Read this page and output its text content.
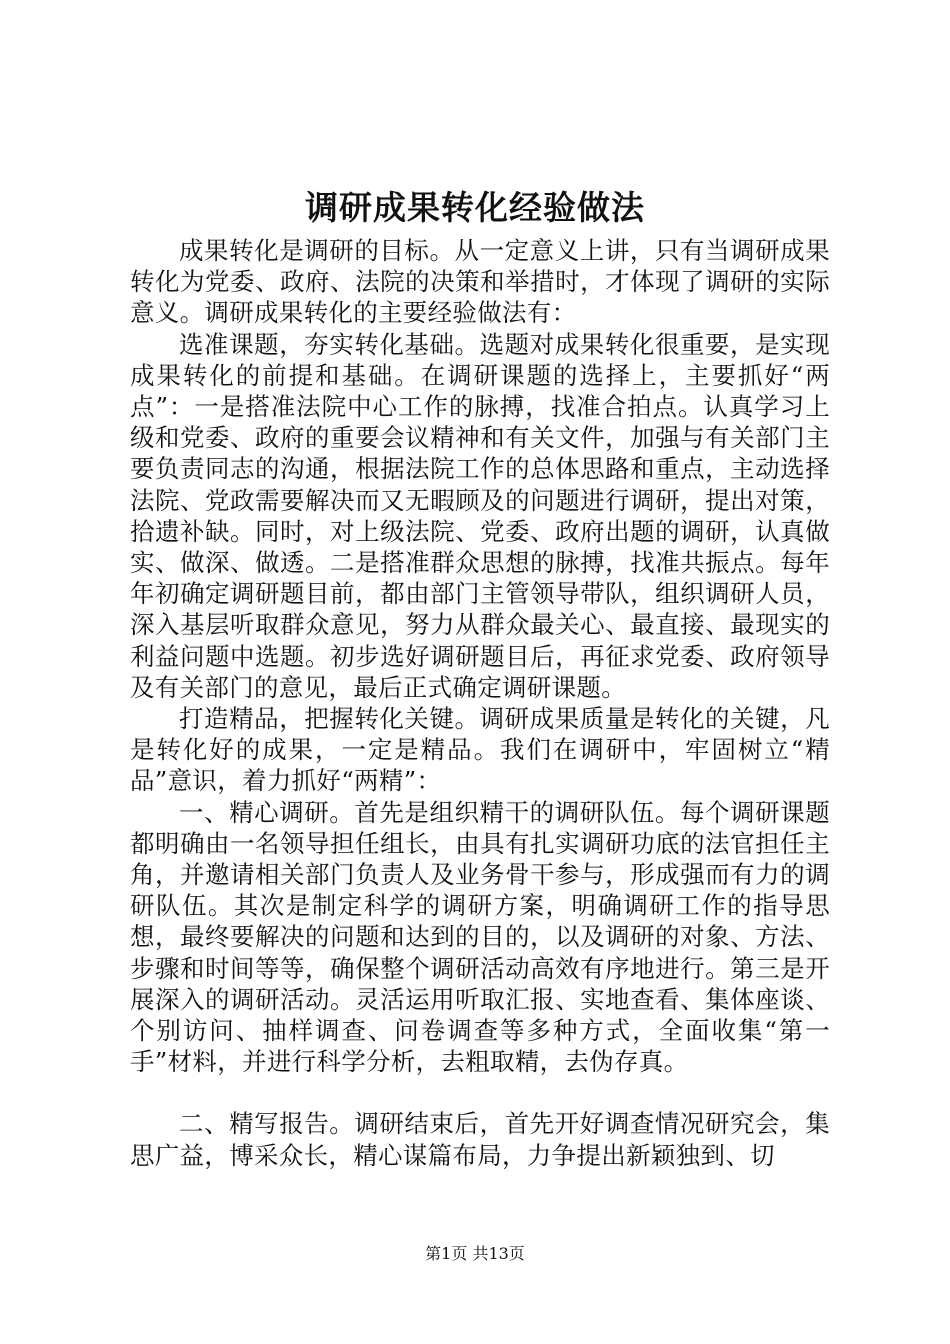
调研成果转化经验做法

成果转化是调研的目标。从一定意义上讲，只有当调研成果转化为党委、政府、法院的决策和举措时，才体现了调研的实际意义。调研成果转化的主要经验做法有：

选准课题，夯实转化基础。选题对成果转化很重要，是实现成果转化的前提和基础。在调研课题的选择上，主要抓好“两点”：一是搭准法院中心工作的脉搏，找准合拍点。认真学习上级和党委、政府的重要会议精神和有关文件，加强与有关部门主要负责同志的沟通，根据法院工作的总体思路和重点，主动选择法院、党政需要解决而又无暇顾及的问题进行调研，提出对策，拾遗补缺。同时，对上级法院、党委、政府出题的调研，认真做实、做深、做透。二是搭准群众思想的脉搏，找准共振点。每年年初确定调研题目前，都由部门主管领导带队，组织调研人员，深入基层听取群众意见，努力从群众最关心、最直接、最现实的利益问题中选题。初步选好调研题目后，再征求党委、政府领导及有关部门的意见，最后正式确定调研课题。

打造精品，把握转化关键。调研成果质量是转化的关键，凡是转化好的成果，一定是精品。我们在调研中，牢固树立“精品”意识，着力抓好“两精”：

一、精心调研。首先是组织精干的调研队伍。每个调研课题都明确由一名领导担任组长，由具有扎实调研功底的法官担任主角，并邀请相关部门负责人及业务骨干参与，形成强而有力的调研队伍。其次是制定科学的调研方案，明确调研工作的指导思想，最终要解决的问题和达到的目的，以及调研的对象、方法、步骤和时间等等，确保整个调研活动高效有序地进行。第三是开展深入的调研活动。灵活运用听取汇报、实地查看、集体座谈、个别访问、抽样调查、问卷调查等多种方式，全面收集“第一手”材料，并进行科学分析，去粗取精，去伪存真。

二、精写报告。调研结束后，首先开好调查情况研究会，集思广益，博采众长，精心谋篇布局，力争提出新颖独到、切

第1页 共13页
